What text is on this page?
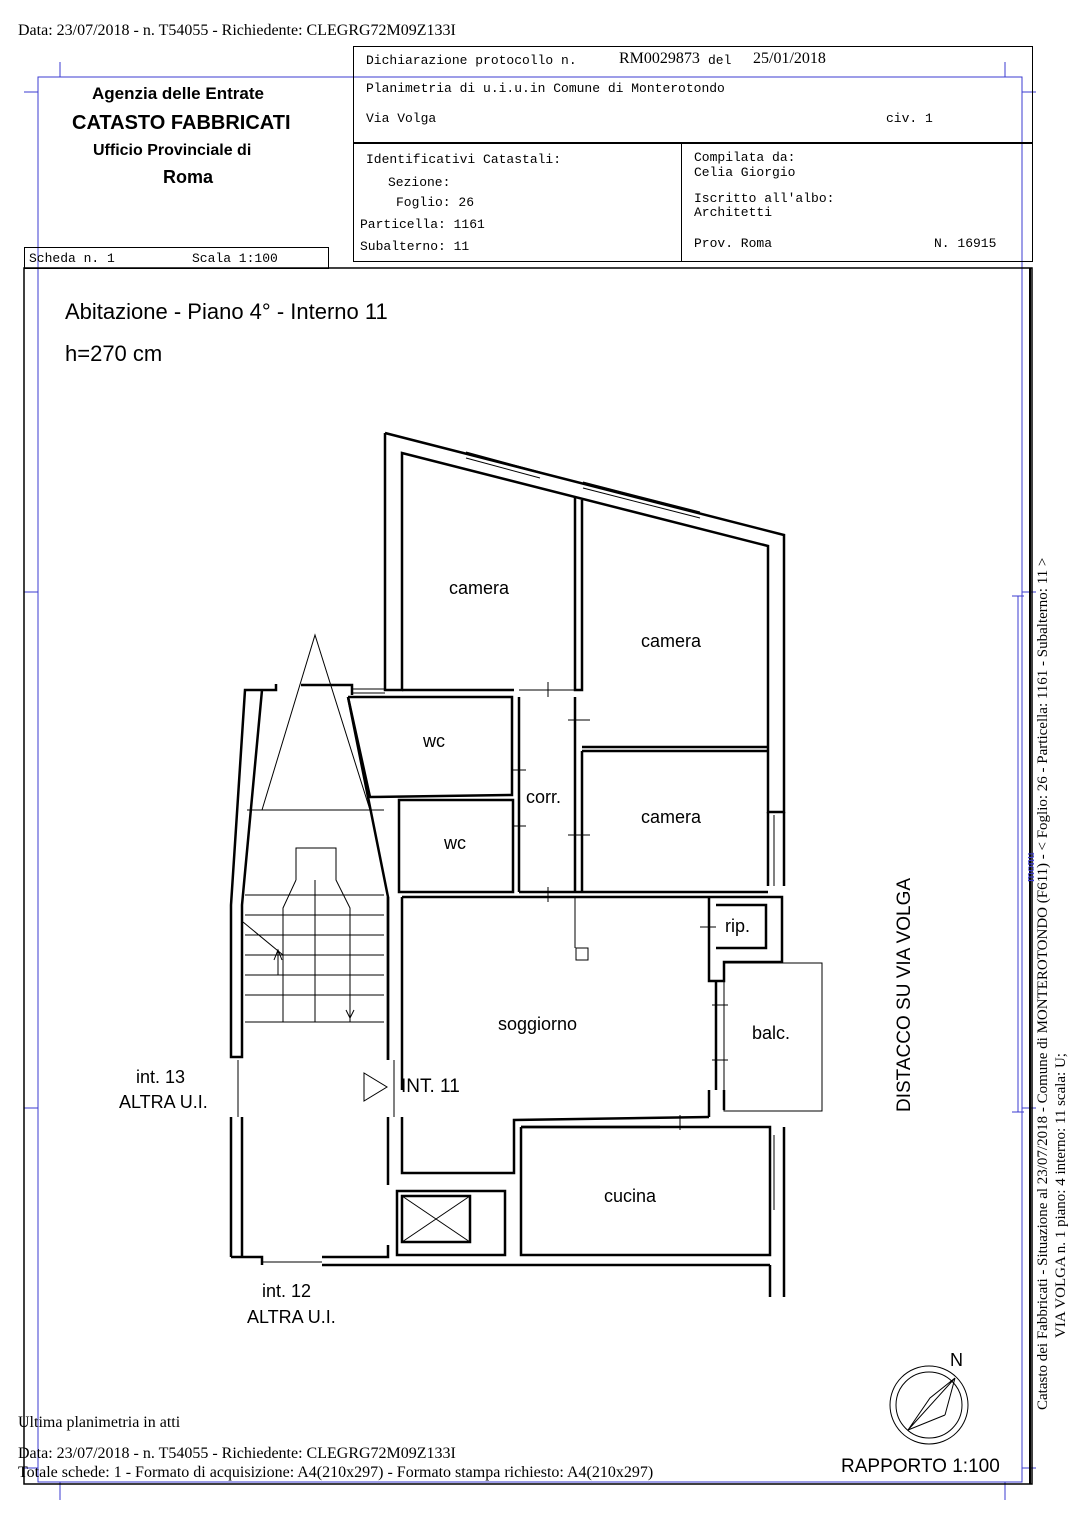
Data: 23/07/2018 - n. T54055 - Richiedente: CLEGRG72M09Z133I
Agenzia delle Entrate
CATASTO FABBRICATI
Ufficio Provinciale di
Roma
Scheda n. 1	Scala 1:100
Dichiarazione protocollo n.	RM0029873 del 25/01/2018
Planimetria di u.i.u.in Comune di Monterotondo
Via Volga	civ. 1
Identificativi Catastali:
Sezione:
Foglio: 26
Particella: 1161
Subalterno: 11
Compilata da:
Celia Giorgio
Iscritto all'albo:
Architetti
Prov. Roma	N. 16915
Abitazione - Piano 4° - Interno 11
h=270 cm
camera
camera
camera
wc
wc
corr.
rip.
soggiorno	balc.
cucina
int. 13
ALTRA U.I.
INT. 11
int. 12
ALTRA U.I.
DISTACCO SU VIA VOLGA
N
RAPPORTO 1:100
Catasto dei Fabbricati - Situazione al 23/07/2018 - Comune di MONTEROTONDO (F611) - < Foglio: 26 - Particella: 1161 - Subalterno: 11 > VIA VOLGA n. 1 piano: 4 interno: 11 scala: U;
monu
Ultima planimetria in atti
Data: 23/07/2018 - n. T54055 - Richiedente: CLEGRG72M09Z133I
Totale schede: 1 - Formato di acquisizione: A4(210x297) - Formato stampa richiesto: A4(210x297)
